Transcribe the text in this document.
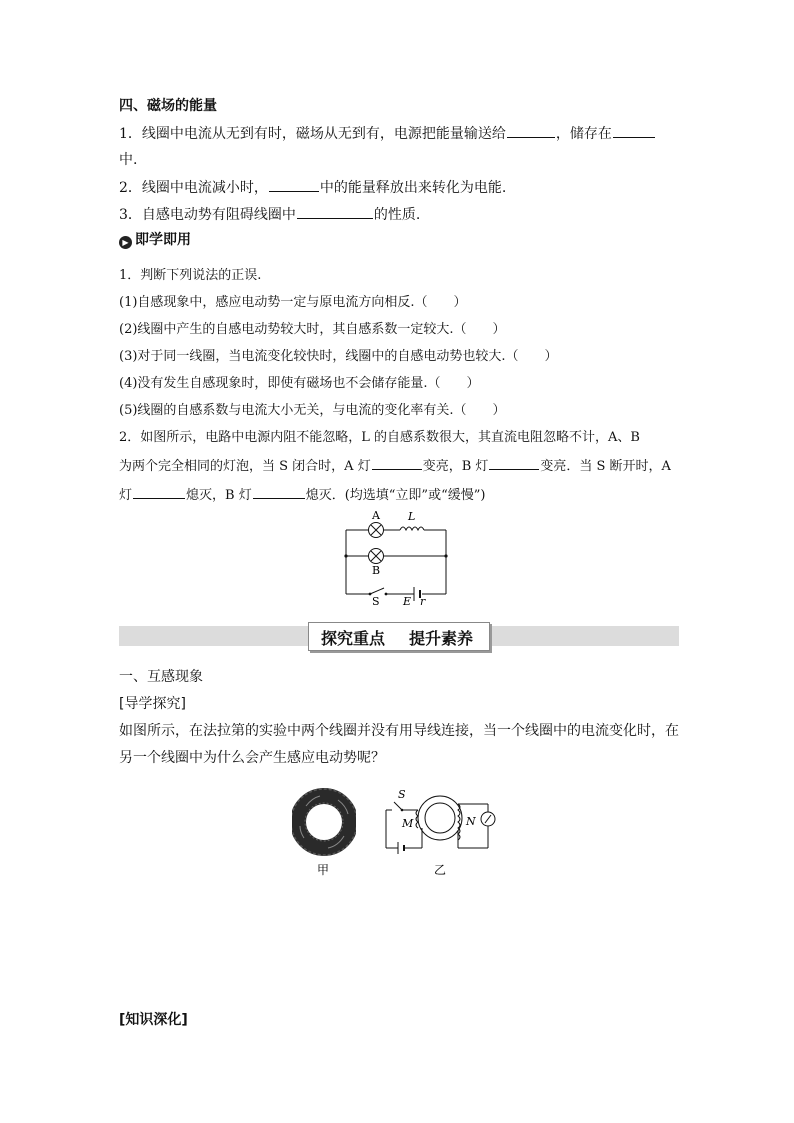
四、磁场的能量
1．线圈中电流从无到有时，磁场从无到有，电源把能量输送给	，储存在
中.
2．线圈中电流减小时，	中的能量释放出来转化为电能.
3．自感电动势有阻碍线圈中	的性质.
▶ 即学即用
1．判断下列说法的正误.
(1)自感现象中，感应电动势一定与原电流方向相反.（　　）
(2)线圈中产生的自感电动势较大时，其自感系数一定较大.（　　）
(3)对于同一线圈，当电流变化较快时，线圈中的自感电动势也较大.（　　）
(4)没有发生自感现象时，即使有磁场也不会储存能量.（　　）
(5)线圈的自感系数与电流大小无关，与电流的变化率有关.（　　）
2．如图所示，电路中电源内阻不能忽略，L 的自感系数很大，其直流电阻忽略不计，A、B
为两个完全相同的灯泡，当 S 闭合时，A 灯	变亮，B 灯	变亮．当 S 断开时，A
灯	熄灭，B 灯	熄灭．(均选填“立即”或“缓慢”)
A	L
B
S E r
探究重点 提升素养
一、互感现象
[导学探究]
如图所示，在法拉第的实验中两个线圈并没有用导线连接，当一个线圈中的电流变化时，在
另一个线圈中为什么会产生感应电动势呢？
甲
S
M	N
乙
[知识深化]
